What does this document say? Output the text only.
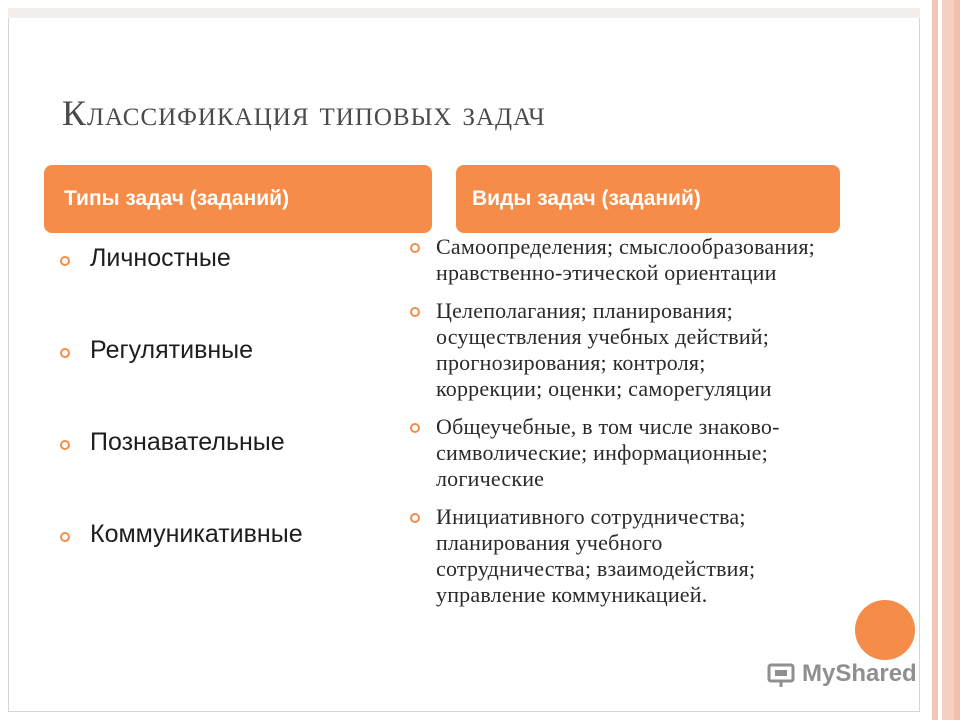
Классификация типовых задач
Типы задач (заданий)	Виды задач (заданий)
Личностные
Регулятивные
Познавательные
Коммуникативные
Самоопределения; смыслообразования;
нравственно-этической ориентации
Целеполагания; планирования;
осуществления учебных действий;
прогнозирования; контроля;
коррекции; оценки; саморегуляции
Общеучебные, в том числе знаково-
символические; информационные;
логические
Инициативного сотрудничества;
планирования учебного
сотрудничества; взаимодействия;
управление коммуникацией.
MyShared
